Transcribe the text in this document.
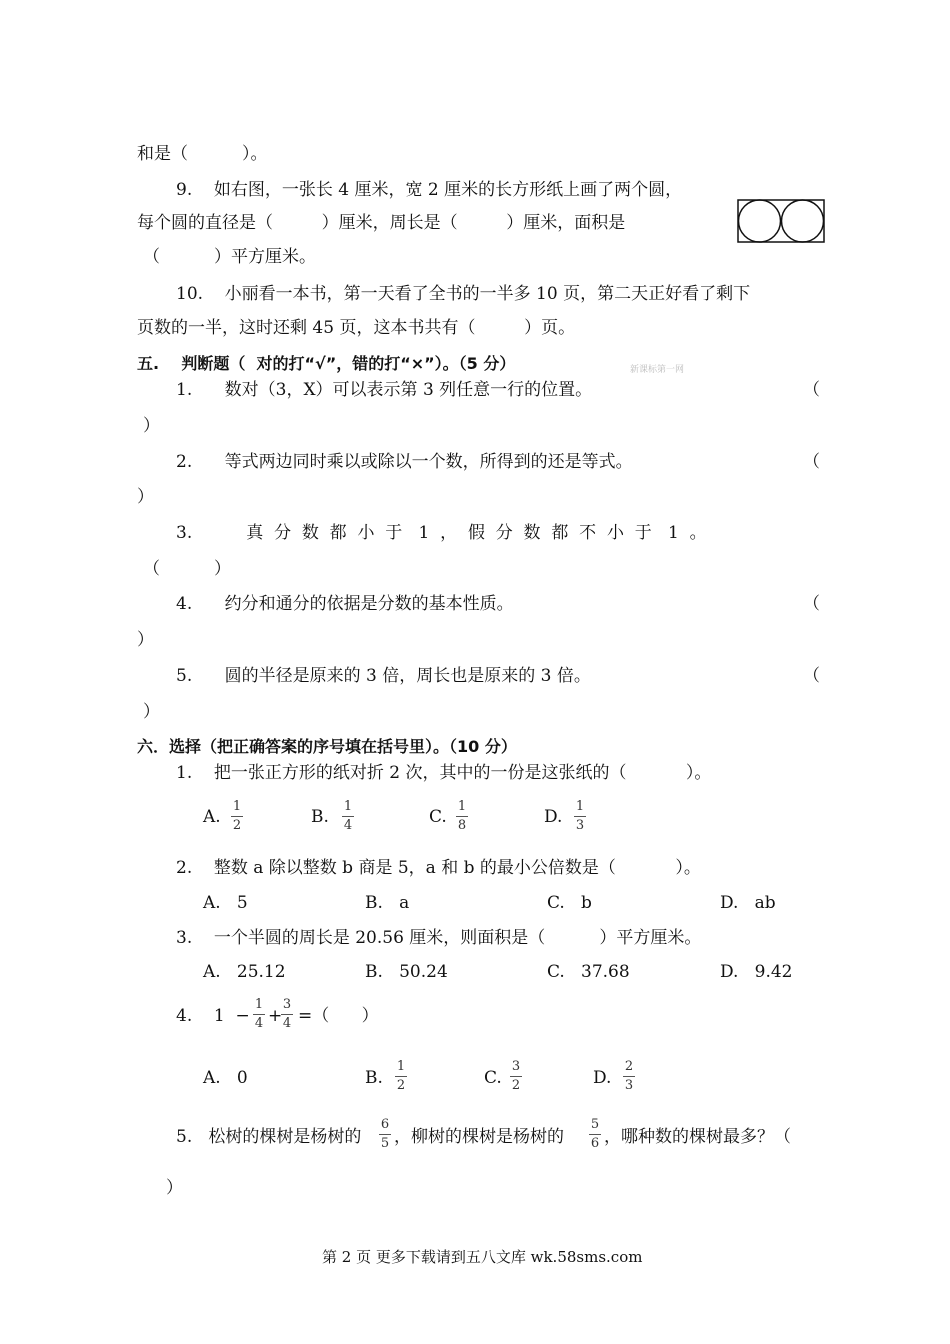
和是（          ）。
9.    如右图，一张长 4 厘米，宽 2 厘米的长方形纸上画了两个圆，
每个圆的直径是（         ）厘米，周长是（         ）厘米，面积是
（          ）平方厘米。
10.    小丽看一本书，第一天看了全书的一半多 10 页，第二天正好看了剩下
页数的一半，这时还剩 45 页，这本书共有（         ）页。
五.    判断题（  对的打“√”，错的打“×”）。（5 分）	新课标第一网
1.      数对（3，X）可以表示第 3 列任意一行的位置。	（
）
2.      等式两边同时乘以或除以一个数，所得到的还是等式。	（
）
3.          真  分  数  都  小  于   1  ，  假  分  数  都  不  小  于   1  。
（          ）
4.      约分和通分的依据是分数的基本性质。	（
）
5.      圆的半径是原来的 3 倍，周长也是原来的 3 倍。	（
）
六．选择（把正确答案的序号填在括号里）。（10 分）
1.    把一张正方形的纸对折 2 次，其中的一份是这张纸的（           ）。
A.
1
2	B.
1
4	C.
1
8	D.
1
3
2.    整数 a 除以整数 b 商是 5，a 和 b 的最小公倍数是（           ）。
A.   5	B.   a	C.   b	D.   ab
3.    一个半圆的周长是 20.56 厘米，则面积是（          ）平方厘米。
A.   25.12	B.   50.24	C.   37.68	D.   9.42
4.    1  −
1
4 +
3
4 =（      ）
A.   0	B.
1
2	C.
3
2	D.
2
3
5.   松树的棵树是杨树的
6
5 ，柳树的棵树是杨树的
5
6 ，哪种数的棵树最多？（
）
第 2 页 更多下载请到五八文库 wk.58sms.com
